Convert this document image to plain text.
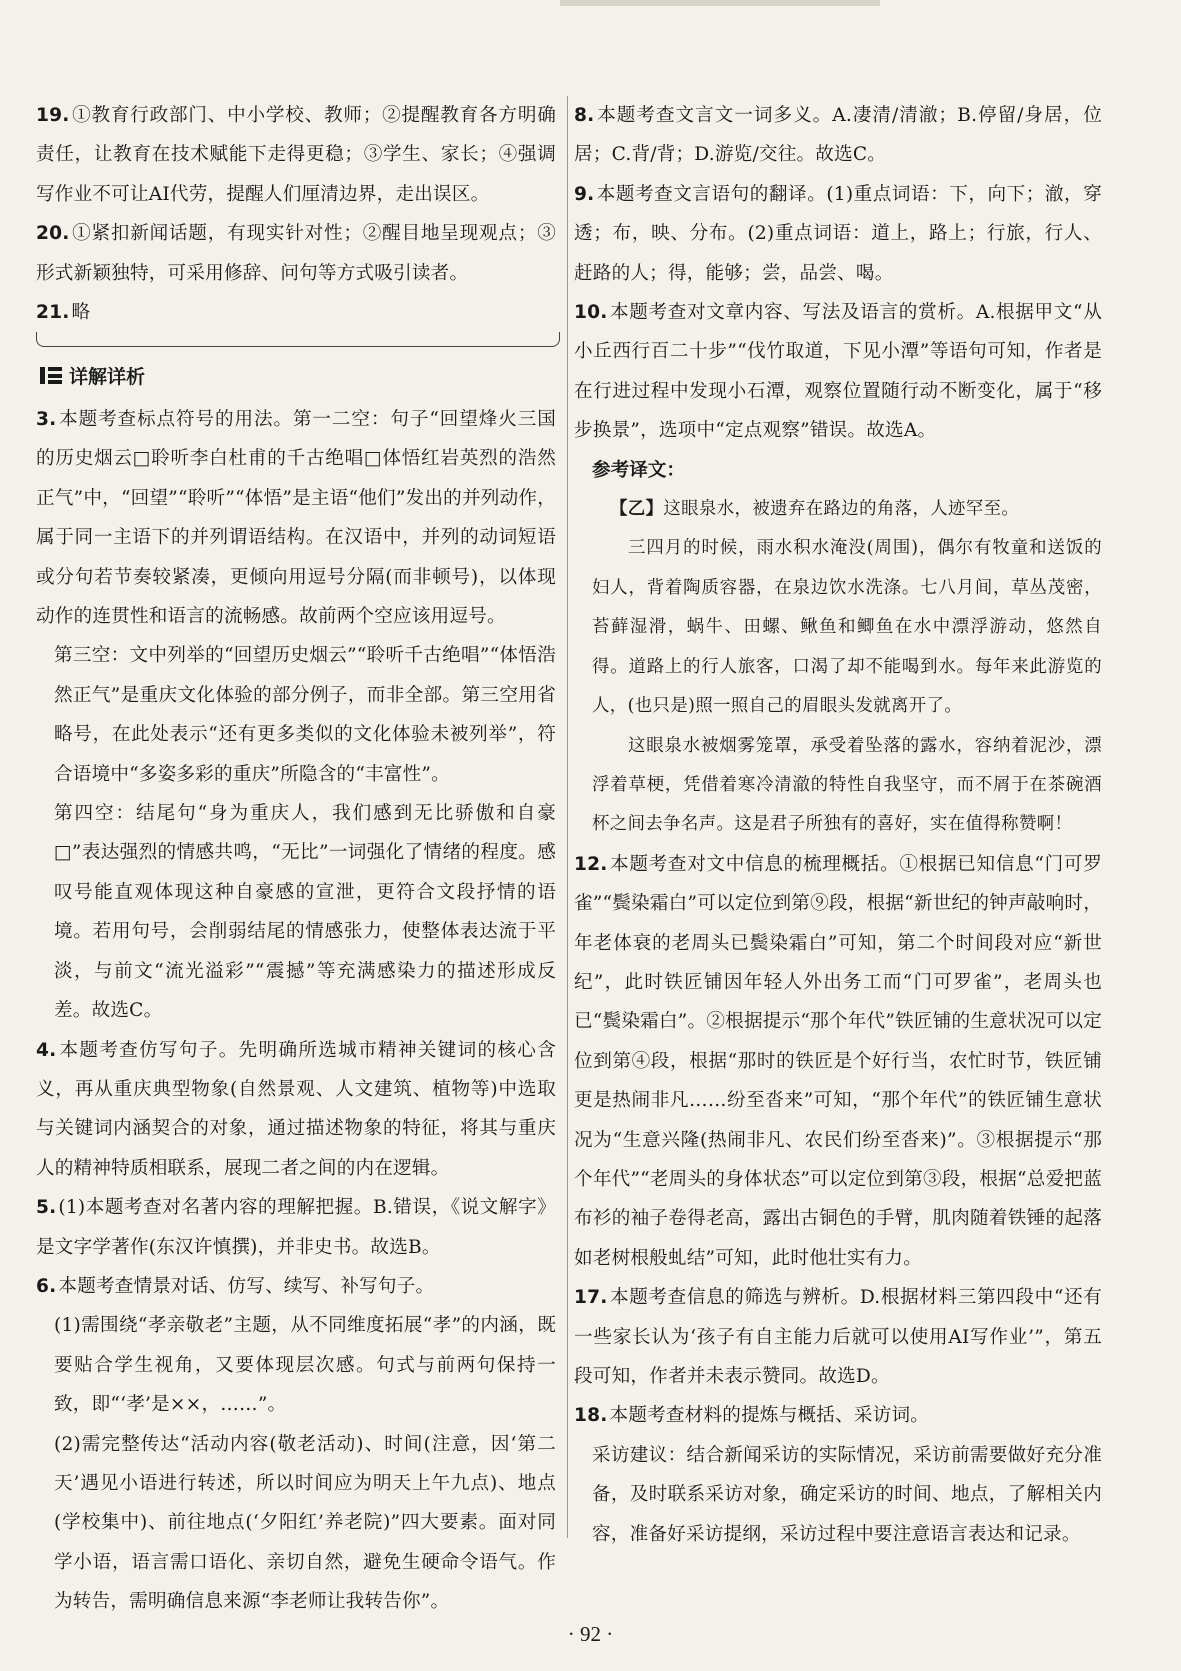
19. ①教育行政部门、中小学校、教师；②提醒教育各方明确责任，让教育在技术赋能下走得更稳；③学生、家长；④强调写作业不可让AI代劳，提醒人们厘清边界，走出误区。

20. ①紧扣新闻话题，有现实针对性；②醒目地呈现观点；③形式新颖独特，可采用修辞、问句等方式吸引读者。

21. 略

详解详析

3. 本题考查标点符号的用法。第一二空：句子“回望烽火三国的历史烟云□聆听李白杜甫的千古绝唱□体悟红岩英烈的浩然正气”中，“回望”“聆听”“体悟”是主语“他们”发出的并列动作，属于同一主语下的并列谓语结构。在汉语中，并列的动词短语或分句若节奏较紧凑，更倾向用逗号分隔(而非顿号)，以体现动作的连贯性和语言的流畅感。故前两个空应该用逗号。

第三空：文中列举的“回望历史烟云”“聆听千古绝唱”“体悟浩然正气”是重庆文化体验的部分例子，而非全部。第三空用省略号，在此处表示“还有更多类似的文化体验未被列举”，符合语境中“多姿多彩的重庆”所隐含的“丰富性”。

第四空：结尾句“身为重庆人，我们感到无比骄傲和自豪□”表达强烈的情感共鸣，“无比”一词强化了情绪的程度。感叹号能直观体现这种自豪感的宣泄，更符合文段抒情的语境。若用句号，会削弱结尾的情感张力，使整体表达流于平淡，与前文“流光溢彩”“震撼”等充满感染力的描述形成反差。故选C。

4. 本题考查仿写句子。先明确所选城市精神关键词的核心含义，再从重庆典型物象(自然景观、人文建筑、植物等)中选取与关键词内涵契合的对象，通过描述物象的特征，将其与重庆人的精神特质相联系，展现二者之间的内在逻辑。

5. (1)本题考查对名著内容的理解把握。B.错误，《说文解字》是文字学著作(东汉许慎撰)，并非史书。故选B。

6. 本题考查情景对话、仿写、续写、补写句子。

(1)需围绕“孝亲敬老”主题，从不同维度拓展“孝”的内涵，既要贴合学生视角，又要体现层次感。句式与前两句保持一致，即“‘孝’是××，……”。

(2)需完整传达“活动内容(敬老活动)、时间(注意，因‘第二天’遇见小语进行转述，所以时间应为明天上午九点)、地点(学校集中)、前往地点(‘夕阳红’养老院)”四大要素。面对同学小语，语言需口语化、亲切自然，避免生硬命令语气。作为转告，需明确信息来源“李老师让我转告你”。

8. 本题考查文言文一词多义。A.凄清/清澈；B.停留/身居，位居；C.背/背；D.游览/交往。故选C。

9. 本题考查文言语句的翻译。(1)重点词语：下，向下；澈，穿透；布，映、分布。(2)重点词语：道上，路上；行旅，行人、赶路的人；得，能够；尝，品尝、喝。

10. 本题考查对文章内容、写法及语言的赏析。A.根据甲文“从小丘西行百二十步”“伐竹取道，下见小潭”等语句可知，作者是在行进过程中发现小石潭，观察位置随行动不断变化，属于“移步换景”，选项中“定点观察”错误。故选A。

参考译文：

【乙】这眼泉水，被遗弃在路边的角落，人迹罕至。

三四月的时候，雨水积水淹没(周围)，偶尔有牧童和送饭的妇人，背着陶质容器，在泉边饮水洗涤。七八月间，草丛茂密，苔藓湿滑，蜗牛、田螺、鳅鱼和鲫鱼在水中漂浮游动，悠然自得。道路上的行人旅客，口渴了却不能喝到水。每年来此游览的人，(也只是)照一照自己的眉眼头发就离开了。

这眼泉水被烟雾笼罩，承受着坠落的露水，容纳着泥沙，漂浮着草梗，凭借着寒冷清澈的特性自我坚守，而不屑于在茶碗酒杯之间去争名声。这是君子所独有的喜好，实在值得称赞啊！

12. 本题考查对文中信息的梳理概括。①根据已知信息“门可罗雀”“鬓染霜白”可以定位到第⑨段，根据“新世纪的钟声敲响时，年老体衰的老周头已鬓染霜白”可知，第二个时间段对应“新世纪”，此时铁匠铺因年轻人外出务工而“门可罗雀”，老周头也已“鬓染霜白”。②根据提示“那个年代”铁匠铺的生意状况可以定位到第④段，根据“那时的铁匠是个好行当，农忙时节，铁匠铺更是热闹非凡……纷至沓来”可知，“那个年代”的铁匠铺生意状况为“生意兴隆(热闹非凡、农民们纷至沓来)”。③根据提示“那个年代”“老周头的身体状态”可以定位到第③段，根据“总爱把蓝布衫的袖子卷得老高，露出古铜色的手臂，肌肉随着铁锤的起落如老树根般虬结”可知，此时他壮实有力。

17. 本题考查信息的筛选与辨析。D.根据材料三第四段中“还有一些家长认为‘孩子有自主能力后就可以使用AI写作业’”，第五段可知，作者并未表示赞同。故选D。

18. 本题考查材料的提炼与概括、采访词。

采访建议：结合新闻采访的实际情况，采访前需要做好充分准备，及时联系采访对象，确定采访的时间、地点，了解相关内容，准备好采访提纲，采访过程中要注意语言表达和记录。

· 92 ·
